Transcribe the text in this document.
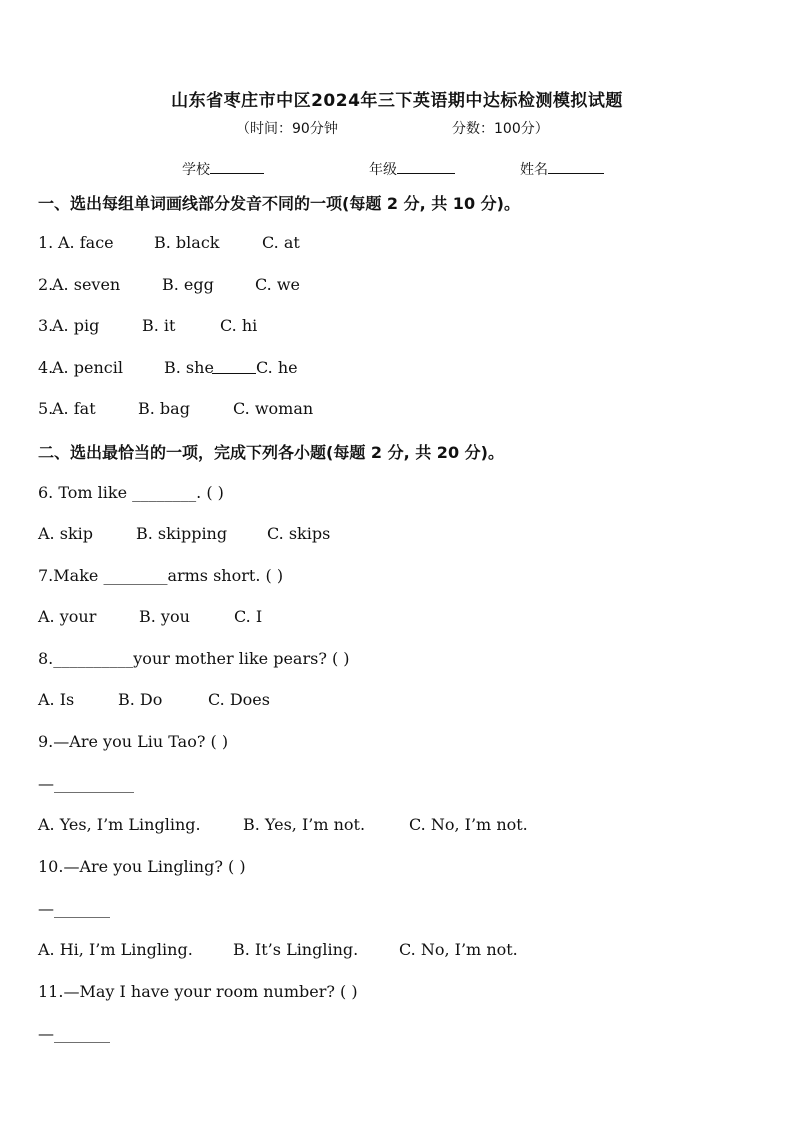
山东省枣庄市中区2024年三下英语期中达标检测模拟试题
（时间：90分钟	分数：100分）
学校	年级	姓名
一、选出每组单词画线部分发音不同的一项(每题 2 分, 共 10 分)。
1. A. face	B. black	C. at
2.
A. seven	B. egg	C. we
3.
A. pig	B. it	C. hi
4.
A. pencil	B. she	C. he
5.
A. fat	B. bag	C. woman
二、选出最恰当的一项，完成下列各小题(每题 2 分, 共 20 分)。
6. Tom like ________. ( )
A. skip	B. skipping C. skips
7.Make ________arms short. ( )
A. your	B. you	C. I
8.__________your mother like pears? ( )
A. Is	B. Do	C. Does
9.—Are you Liu Tao? ( )
—__________
A. Yes, I’m Lingling.	B. Yes, I’m not.	C. No, I’m not.
10.—Are you Lingling? ( )
—_______
A. Hi, I’m Lingling.	B. It’s Lingling.	C. No, I’m not.
11.—May I have your room number? ( )
—_______
